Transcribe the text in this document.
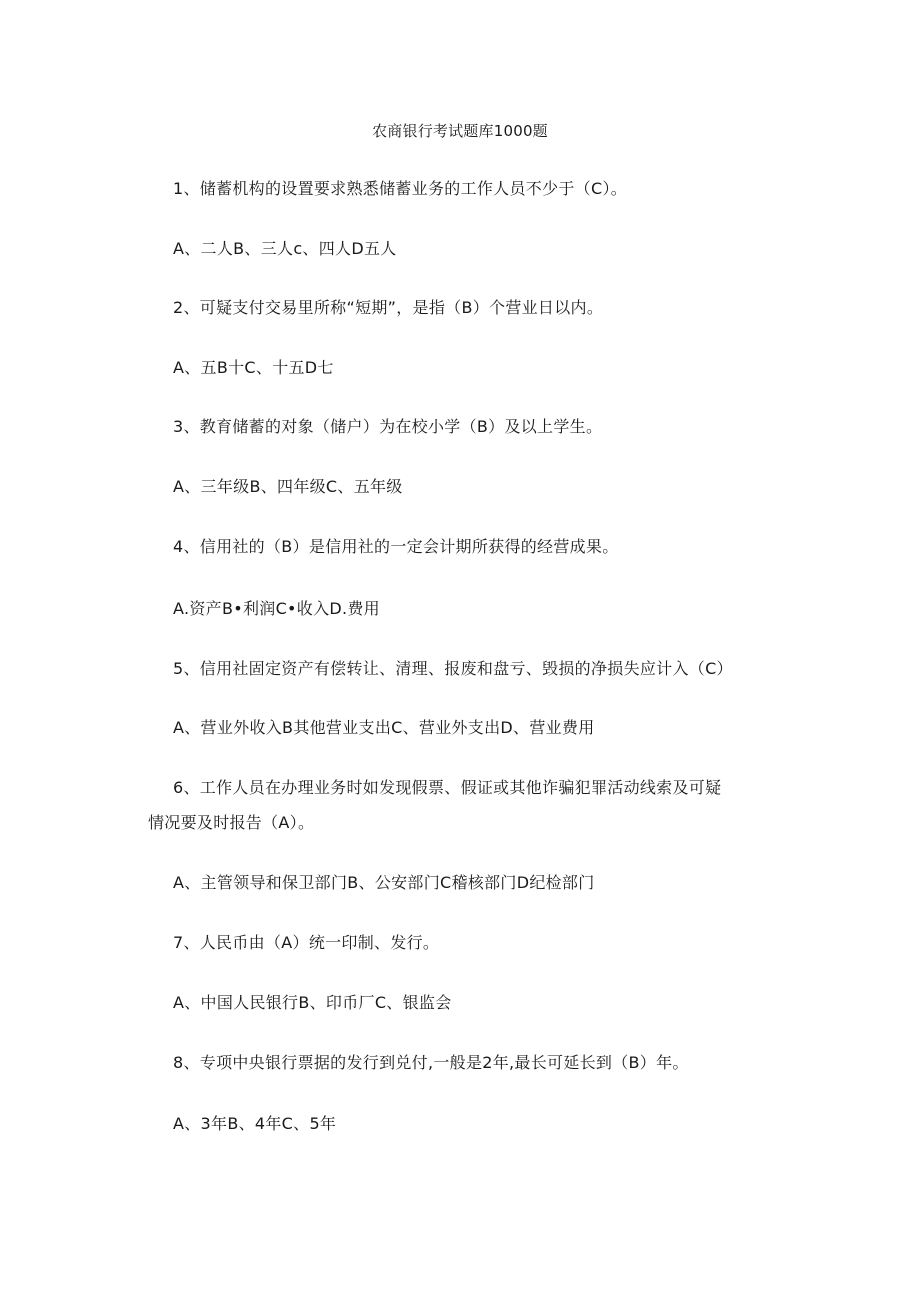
农商银行考试题库1000题
1、储蓄机构的设置要求熟悉储蓄业务的工作人员不少于（C）。
A、二人B、三人c、四人D五人
2、可疑支付交易里所称“短期”，是指（B）个营业日以内。
A、五B十C、十五D七
3、教育储蓄的对象（储户）为在校小学（B）及以上学生。
A、三年级B、四年级C、五年级
4、信用社的（B）是信用社的一定会计期所获得的经营成果。
A.资产B•利润C•收入D.费用
5、信用社固定资产有偿转让、清理、报废和盘亏、毁损的净损失应计入（C）
A、营业外收入B其他营业支出C、营业外支出D、营业费用
6、工作人员在办理业务时如发现假票、假证或其他诈骗犯罪活动线索及可疑
情况要及时报告（A）。
A、主管领导和保卫部门B、公安部门C稽核部门D纪检部门
7、人民币由（A）统一印制、发行。
A、中国人民银行B、印币厂C、银监会
8、专项中央银行票据的发行到兑付,一般是2年,最长可延长到（B）年。
A、3年B、4年C、5年
